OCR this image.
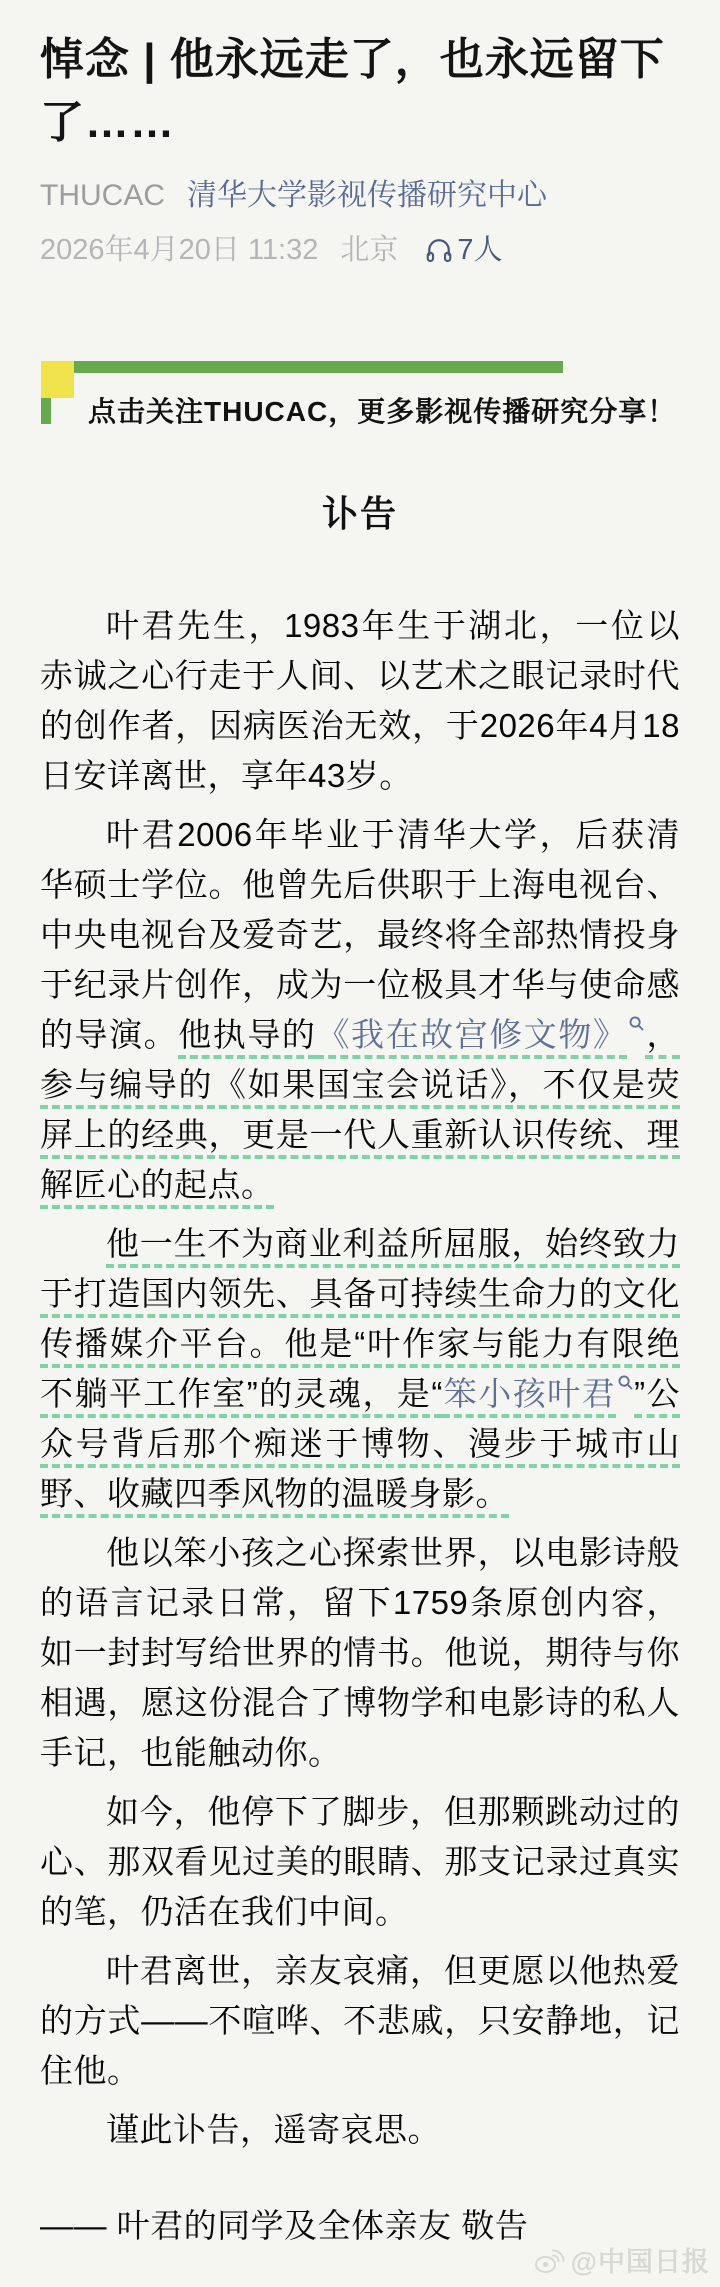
悼念 | 他永远走了，也永远留下了……
THUCAC 清华大学影视传播研究中心
2026年4月20日 11:32 北京 7人
点击关注THUCAC，更多影视传播研究分享！
讣告

叶君先生，1983年生于湖北，一位以赤诚之心行走于人间、以艺术之眼记录时代的创作者，因病医治无效，于2026年4月18日安详离世，享年43岁。

叶君2006年毕业于清华大学，后获清华硕士学位。他曾先后供职于上海电视台、中央电视台及爱奇艺，最终将全部热情投身于纪录片创作，成为一位极具才华与使命感的导演。他执导的《我在故宫修文物》 ，参与编导的《如果国宝会说话》，不仅是荧屏上的经典，更是一代人重新认识传统、理解匠心的起点。

他一生不为商业利益所屈服，始终致力于打造国内领先、具备可持续生命力的文化传播媒介平台。他是“叶作家与能力有限绝不躺平工作室”的灵魂，是“笨小孩叶君 ”公众号背后那个痴迷于博物、漫步于城市山野、收藏四季风物的温暖身影。

他以笨小孩之心探索世界，以电影诗般的语言记录日常，留下1759条原创内容，如一封封写给世界的情书。他说，期待与你相遇，愿这份混合了博物学和电影诗的私人手记，也能触动你。

如今，他停下了脚步，但那颗跳动过的心、那双看见过美的眼睛、那支记录过真实的笔，仍活在我们中间。

叶君离世，亲友哀痛，但更愿以他热爱的方式——不喧哗、不悲戚，只安静地，记住他。

谨此讣告，遥寄哀思。

—— 叶君的同学及全体亲友 敬告

@中国日报
